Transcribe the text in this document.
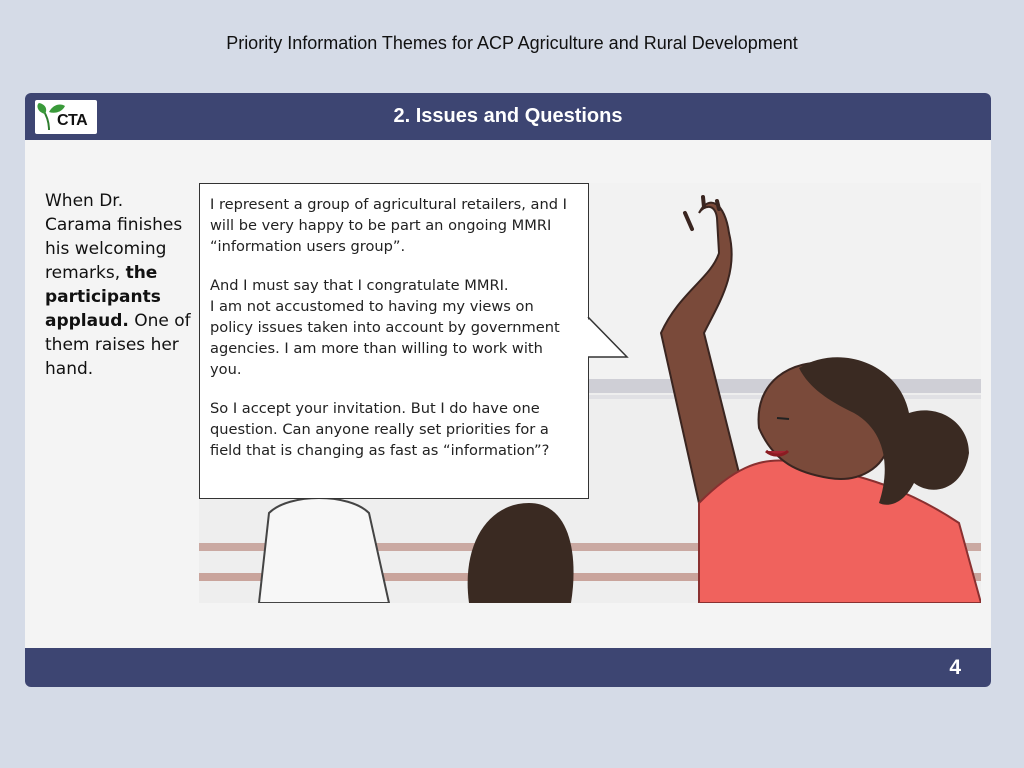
Priority Information Themes for ACP Agriculture and Rural Development
CTA	2. Issues and Questions
When Dr. Carama finishes his welcoming remarks, the participants applaud. One of them raises her hand.

I represent a group of agricultural retailers, and I will be very happy to be part an ongoing MMRI “information users group”.

And I must say that I congratulate MMRI.
I am not accustomed to having my views on policy issues taken into account by government agencies. I am more than willing to work with you.

So I accept your invitation. But I do have one question. Can anyone really set priorities for a field that is changing as fast as “information”?

4
